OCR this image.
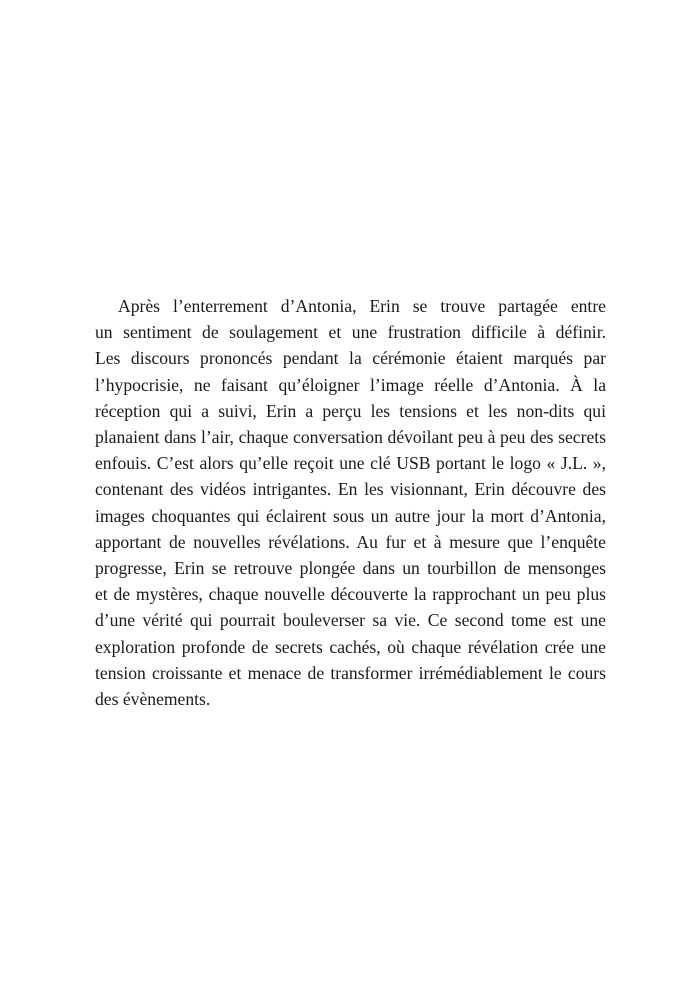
Après l’enterrement d’Antonia, Erin se trouve partagée entre
un sentiment de soulagement et une frustration difficile à définir.
Les discours prononcés pendant la cérémonie étaient marqués par
l’hypocrisie, ne faisant qu’éloigner l’image réelle d’Antonia. À la
réception qui a suivi, Erin a perçu les tensions et les non-dits qui
planaient dans l’air, chaque conversation dévoilant peu à peu des secrets
enfouis. C’est alors qu’elle reçoit une clé USB portant le logo « J.L. »,
contenant des vidéos intrigantes. En les visionnant, Erin découvre des
images choquantes qui éclairent sous un autre jour la mort d’Antonia,
apportant de nouvelles révélations. Au fur et à mesure que l’enquête
progresse, Erin se retrouve plongée dans un tourbillon de mensonges
et de mystères, chaque nouvelle découverte la rapprochant un peu plus
d’une vérité qui pourrait bouleverser sa vie. Ce second tome est une
exploration profonde de secrets cachés, où chaque révélation crée une
tension croissante et menace de transformer irrémédiablement le cours
des évènements.
